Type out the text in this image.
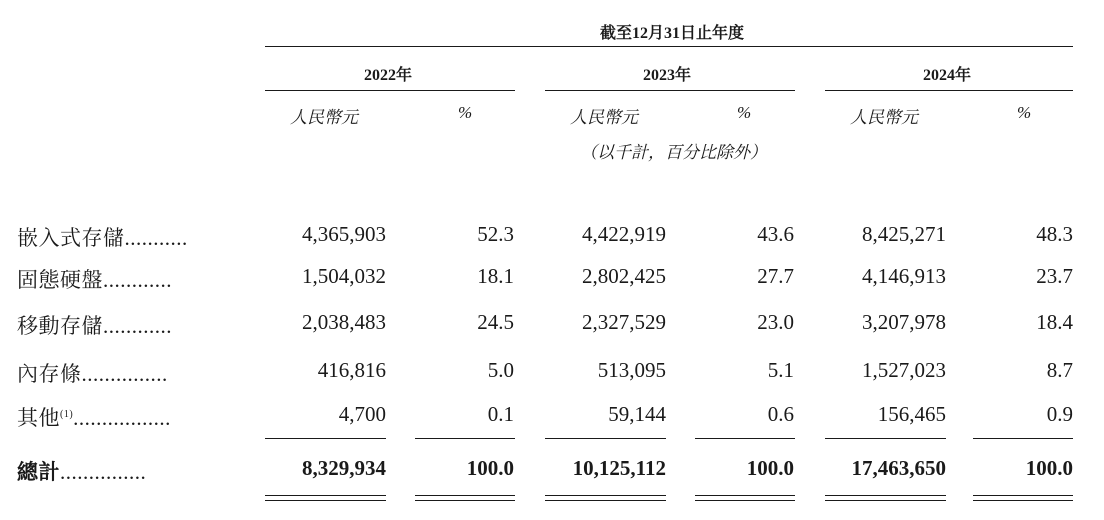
截至12月31日止年度
2022年	2023年	2024年
人民幣元	%	人民幣元	%	人民幣元	%
（以千計，百分比除外）
嵌入式存儲...........	4,365,903	52.3	4,422,919	43.6	8,425,271	48.3
固態硬盤............	1,504,032	18.1	2,802,425	27.7	4,146,913	23.7
移動存儲............	2,038,483	24.5	2,327,529	23.0	3,207,978	18.4
內存條...............	416,816	5.0	513,095	5.1	1,527,023	8.7
其他$^{(1)}$.................	4,700	0.1	59,144	0.6	156,465	0.9
總計...............	8,329,934	100.0	10,125,112	100.0	17,463,650	100.0
